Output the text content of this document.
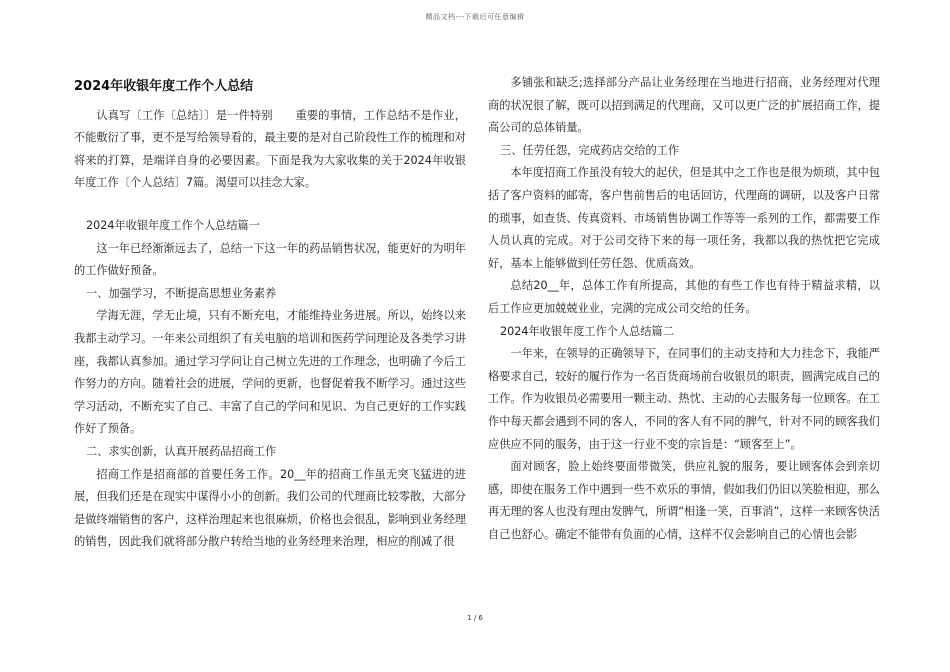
精品文档---下载后可任意编辑
2024年收银年度工作个人总结

认真写〔工作〔总结〕〕是一件特别　　重要的事情，工作总结不是作业，不能敷衍了事，更不是写给领导看的，最主要的是对自己阶段性工作的梳理和对将来的打算，是端详自身的必要因素。下面是我为大家收集的关于2024年收银年度工作〔个人总结〕7篇。渴望可以挂念大家。

2024年收银年度工作个人总结篇一

这一年已经渐渐远去了，总结一下这一年的药品销售状况，能更好的为明年的工作做好预备。

一、加强学习，不断提高思想业务素养

学海无涯，学无止境，只有不断充电，才能维持业务进展。所以，始终以来我都主动学习。一年来公司组织了有关电脑的培训和医药学问理论及各类学习讲座，我都认真参加。通过学习学问让自己树立先进的工作理念，也明确了今后工作努力的方向。随着社会的进展，学问的更新，也督促着我不断学习。通过这些学习活动，不断充实了自己、丰富了自己的学问和见识、为自己更好的工作实践作好了预备。

二、求实创新，认真开展药品招商工作

招商工作是招商部的首要任务工作。20__年的招商工作虽无突飞猛进的进展，但我们还是在现实中谋得小小的创新。我们公司的代理商比较零散，大部分是做终端销售的客户，这样治理起来也很麻烦，价格也会很乱，影响到业务经理的销售，因此我们就将部分散户转给当地的业务经理来治理，相应的削减了很

多铺张和缺乏;选择部分产品让业务经理在当地进行招商，业务经理对代理商的状况很了解，既可以招到满足的代理商，又可以更广泛的扩展招商工作，提高公司的总体销量。

三、任劳任怨，完成药店交给的工作

本年度招商工作虽没有较大的起伏，但是其中之工作也是很为烦琐，其中包括了客户资料的邮寄，客户售前售后的电话回访，代理商的调研，以及客户日常的琐事，如查货、传真资料、市场销售协调工作等等一系列的工作，都需要工作人员认真的完成。对于公司交待下来的每一项任务，我都以我的热忱把它完成好，基本上能够做到任劳任怨、优质高效。

总结20__年，总体工作有所提高，其他的有些工作也有待于精益求精，以后工作应更加兢兢业业，完满的完成公司交给的任务。

2024年收银年度工作个人总结篇二

一年来，在领导的正确领导下，在同事们的主动支持和大力挂念下，我能严格要求自己，较好的履行作为一名百货商场前台收银员的职责，圆满完成自己的工作。作为收银员必需要用一颗主动、热忱、主动的心去服务每一位顾客。在工作中每天都会遇到不同的客人，不同的客人有不同的脾气，针对不同的顾客我们应供应不同的服务，由于这一行业不变的宗旨是：“顾客至上”。

面对顾客，脸上始终要面带微笑，供应礼貌的服务，要让顾客体会到亲切感，即使在服务工作中遇到一些不欢乐的事情，假如我们仍旧以笑脸相迎，那么再无理的客人也没有理由发脾气，所谓“相逢一笑，百事消”，这样一来顾客快活自己也舒心。确定不能带有负面的心情，这样不仅会影响自己的心情也会影

1 / 6
